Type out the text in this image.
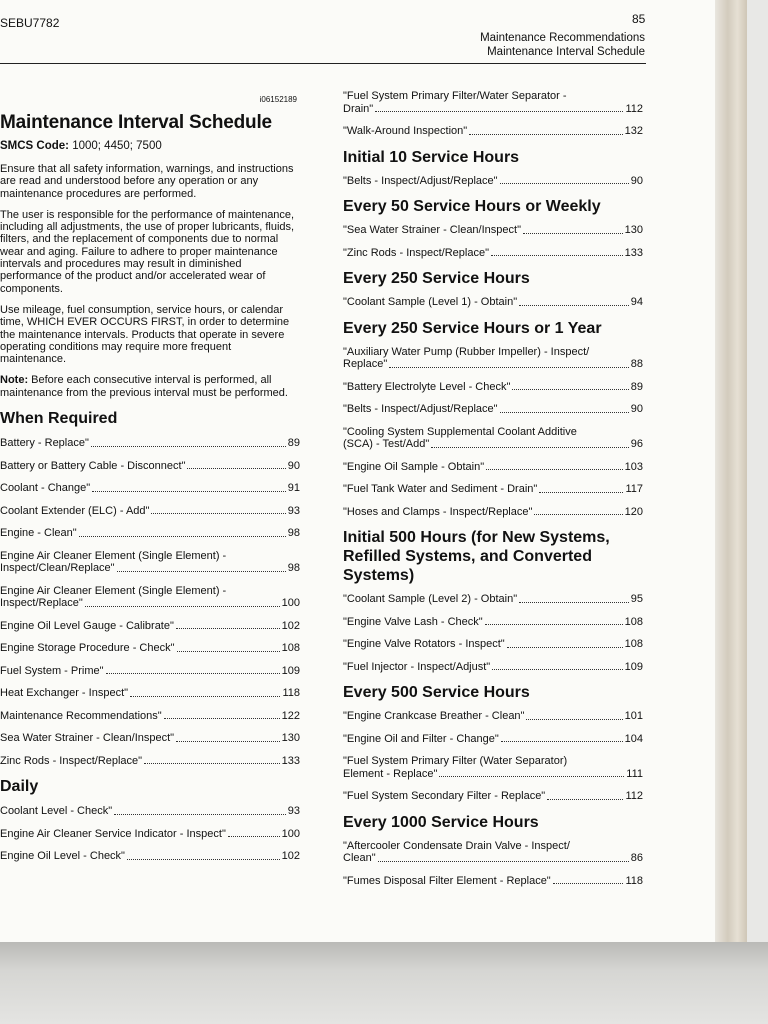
SEBU7782	85
Maintenance Recommendations
Maintenance Interval Schedule
i06152189
Maintenance Interval Schedule
SMCS Code: 1000; 4450; 7500

Ensure that all safety information, warnings, and instructions are read and understood before any operation or any maintenance procedures are performed.

The user is responsible for the performance of maintenance, including all adjustments, the use of proper lubricants, fluids, filters, and the replacement of components due to normal wear and aging. Failure to adhere to proper maintenance intervals and procedures may result in diminished performance of the product and/or accelerated wear of components.

Use mileage, fuel consumption, service hours, or calendar time, WHICH EVER OCCURS FIRST, in order to determine the maintenance intervals. Products that operate in severe operating conditions may require more frequent maintenance.

Note: Before each consecutive interval is performed, all maintenance from the previous interval must be performed.

When Required
Battery - Replace"	89
Battery or Battery Cable - Disconnect"	90
Coolant - Change"	91
Coolant Extender (ELC) - Add"	93
Engine - Clean"	98
Engine Air Cleaner Element (Single Element) -
Inspect/Clean/Replace"	98
Engine Air Cleaner Element (Single Element) -
Inspect/Replace"	100
Engine Oil Level Gauge - Calibrate"	102
Engine Storage Procedure - Check"	108
Fuel System - Prime"	109
Heat Exchanger - Inspect"	118
Maintenance Recommendations"	122
Sea Water Strainer - Clean/Inspect"	130
Zinc Rods - Inspect/Replace"	133
Daily
Coolant Level - Check"	93
Engine Air Cleaner Service Indicator - Inspect"	100
Engine Oil Level - Check"	102
"Fuel System Primary Filter/Water Separator -
Drain"	112
"Walk-Around Inspection"	132
Initial 10 Service Hours
"Belts - Inspect/Adjust/Replace"	90
Every 50 Service Hours or Weekly
"Sea Water Strainer - Clean/Inspect"	130
"Zinc Rods - Inspect/Replace"	133
Every 250 Service Hours
"Coolant Sample (Level 1) - Obtain"	94
Every 250 Service Hours or 1 Year
"Auxiliary Water Pump (Rubber Impeller) - Inspect/
Replace"	88
"Battery Electrolyte Level - Check"	89
"Belts - Inspect/Adjust/Replace"	90
"Cooling System Supplemental Coolant Additive
(SCA) - Test/Add"	96
"Engine Oil Sample - Obtain"	103
"Fuel Tank Water and Sediment - Drain"	117
"Hoses and Clamps - Inspect/Replace"	120
Initial 500 Hours (for New Systems, Refilled Systems, and Converted Systems)
"Coolant Sample (Level 2) - Obtain"	95
"Engine Valve Lash - Check"	108
"Engine Valve Rotators - Inspect"	108
"Fuel Injector - Inspect/Adjust"	109
Every 500 Service Hours
"Engine Crankcase Breather - Clean"	101
"Engine Oil and Filter - Change"	104
"Fuel System Primary Filter (Water Separator)
Element - Replace"	111
"Fuel System Secondary Filter - Replace"	112
Every 1000 Service Hours
"Aftercooler Condensate Drain Valve - Inspect/
Clean"	86
"Fumes Disposal Filter Element - Replace"	118
